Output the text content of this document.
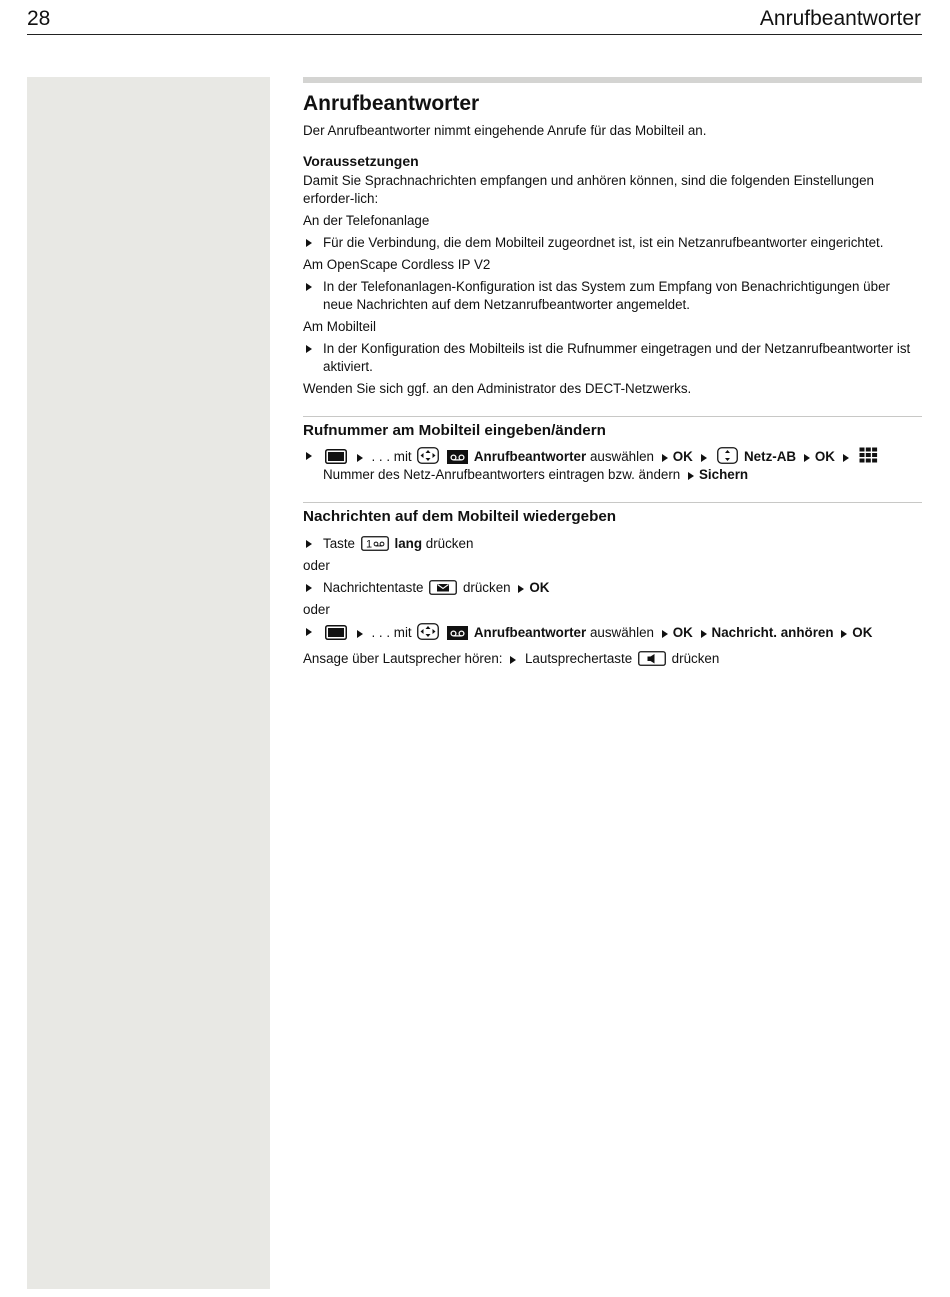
28	Anrufbeantworter
Anrufbeantworter

Der Anrufbeantworter nimmt eingehende Anrufe für das Mobilteil an.

Voraussetzungen

Damit Sie Sprachnachrichten empfangen und anhören können, sind die folgenden Einstellungen erforder-lich:

An der Telefonanlage

Für die Verbindung, die dem Mobilteil zugeordnet ist, ist ein Netzanrufbeantworter eingerichtet.

Am OpenScape Cordless IP V2

In der Telefonanlagen-Konfiguration ist das System zum Empfang von Benachrichtigungen über neue Nachrichten auf dem Netzanrufbeantworter angemeldet.

Am Mobilteil

In der Konfiguration des Mobilteils ist die Rufnummer eingetragen und der Netzanrufbeantworter ist aktiviert.

Wenden Sie sich ggf. an den Administrator des DECT-Netzwerks.

Rufnummer am Mobilteil eingeben/ändern
. . . mit	Anrufbeantworter auswählen OK	Netz-AB OK   Nummer des Netz-Anrufbeantworters eintragen bzw. ändern Sichern
Nachrichten auf dem Mobilteil wiedergeben
Taste 1 lang drücken

oder

Nachrichtentaste	drücken OK

oder

. . . mit	Anrufbeantworter auswählen OK Nachricht. anhören OK

Ansage über Lautsprecher hören: Lautsprechertaste	drücken
